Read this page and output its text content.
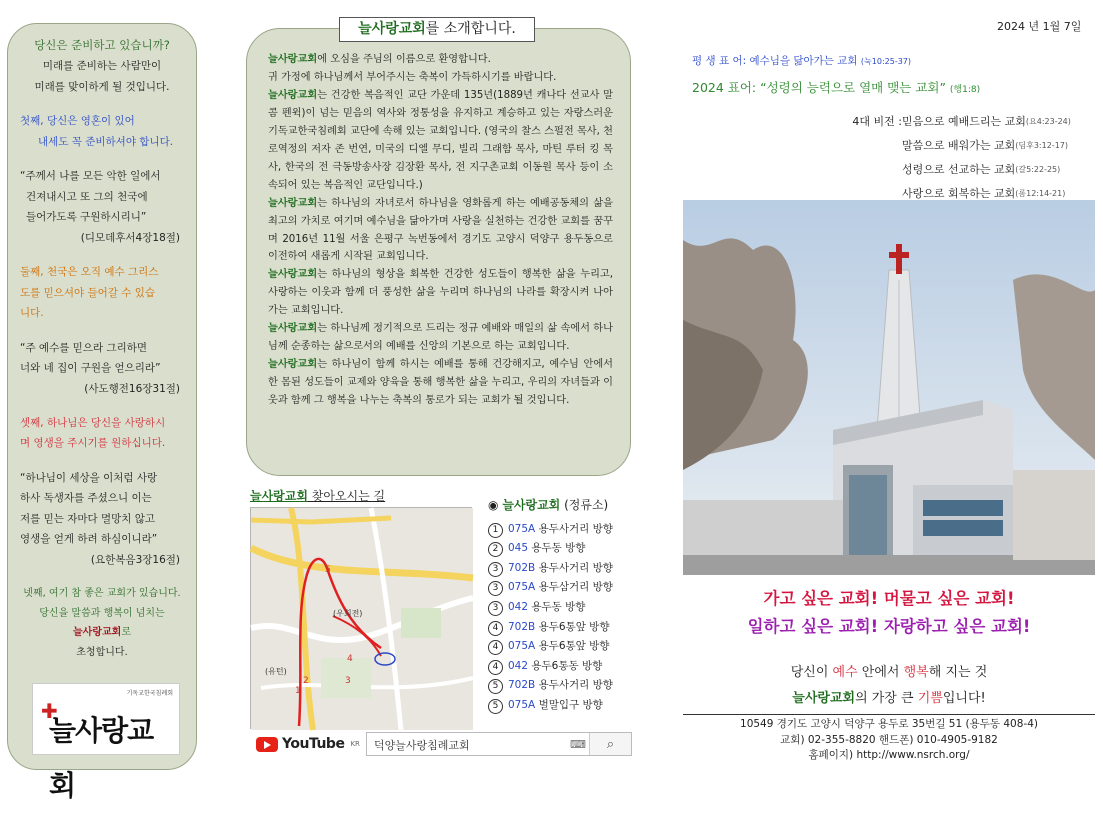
당신은 준비하고 있습니까?
미래를 준비하는 사람만이
미래를 맞이하게 될 것입니다.
첫째, 당신은 영혼이 있어
내세도 꼭 준비하셔야 합니다.
“주께서 나를 모든 악한 일에서
건져내시고 또 그의 천국에
들어가도록 구원하시리니”
(디모데후서4장18절)
둘째, 천국은 오직 예수 그리스
도를 믿으셔야 들어갈 수 있습
니다.
“주 예수를 믿으라 그리하면
너와 네 집이 구원을 얻으리라”
(사도행전16장31절)
셋째, 하나님은 당신을 사랑하시
며 영생을 주시기를 원하십니다.
“하나님이 세상을 이처럼 사랑
하사 독생자를 주셨으니 이는
저를 믿는 자마다 멸망치 않고
영생을 얻게 하려 하심이니라”
(요한복음3장16절)
넷째, 여기 참 좋은 교회가 있습니다.
당신을 말씀과 행복이 넘치는
늘사랑교회로
초청합니다.
✚
기독교한국침례회
늘사랑교회
늘사랑교회를 소개합니다.

늘사랑교회에 오심을 주님의 이름으로 환영합니다.

귀 가정에 하나님께서 부어주시는 축복이 가득하시기를 바랍니다.

늘사랑교회는 건강한 복음적인 교단 가운데 135년(1889년 캐나다 선교사 말콤 펜윅)이 넘는 믿음의 역사와 정통성을 유지하고 계승하고 있는 자랑스러운 기독교한국침례회 교단에 속해 있는 교회입니다. (영국의 찰스 스펄전 목사, 천로역정의 저자 존 번연, 미국의 디엘 무디, 빌리 그래함 목사, 마틴 루터 킹 목사, 한국의 전 극동방송사장 김장환 목사, 전 지구촌교회 이동원 목사 등이 소속되어 있는 복음적인 교단입니다.)

늘사랑교회는 하나님의 자녀로서 하나님을 영화롭게 하는 예배공동체의 삶을 최고의 가치로 여기며 예수님을 닮아가며 사랑을 실천하는 건강한 교회를 꿈꾸며 2016년 11월 서울 은평구 녹번동에서 경기도 고양시 덕양구 용두동으로 이전하여 새롭게 시작된 교회입니다.

늘사랑교회는 하나님의 형상을 회복한 건강한 성도들이 행복한 삶을 누리고, 사랑하는 이웃과 함께 더 풍성한 삶을 누리며 하나님의 나라를 확장시켜 나아가는 교회입니다.

늘사랑교회는 하나님께 정기적으로 드리는 정규 예배와 매일의 삶 속에서 하나님께 순종하는 삶으로서의 예배를 신앙의 기본으로 하는 교회입니다.

늘사랑교회는 하나님이 함께 하시는 예배를 통해 건강해지고, 예수님 안에서 한 몸된 성도들이 교제와 양육을 통해 행복한 삶을 누리고, 우리의 자녀들과 이웃과 함께 그 행복을 나누는 축복의 통로가 되는 교회가 될 것입니다.

늘사랑교회 찾아오시는 길
5
4
3
2
1
(우회전)
(유턴)
◉ 늘사랑교회 (정류소)
1 075A 용두사거리 방향
2 045 용두동 방향
3 702B 용두사거리 방향
3 075A 용두삼거리 방향
3 042 용두동 방향
4 702B 용두6통앞 방향
4 075A 용두6통앞 방향
4 042 용두6통동 방향
5 702B 용두사거리 방향
5 075A 벌말입구 방향
YouTube KR	덕양늘사랑침례교회	⌨ ⌕
2024 년 1월 7일
평 생 표 어: 예수님을 닮아가는 교회 (눅10:25-37)
2024 표어: “성령의 능력으로 열매 맺는 교회” (행1:8)
4대 비전 : 믿음으로 예배드리는 교회 (요4:23-24)
말씀으로 배워가는 교회 (딤후3:12-17)
성령으로 선교하는 교회 (갈5:22-25)
사랑으로 회복하는 교회 (롬12:14-21)
가고 싶은 교회! 머물고 싶은 교회!
일하고 싶은 교회! 자랑하고 싶은 교회!
당신이 예수 안에서 행복해 지는 것
늘사랑교회의 가장 큰 기쁨입니다!
10549 경기도 고양시 덕양구 용두로 35번길 51 (용두동 408-4)
교회) 02-355-8820 핸드폰) 010-4905-9182
홈페이지) http://www.nsrch.org/
